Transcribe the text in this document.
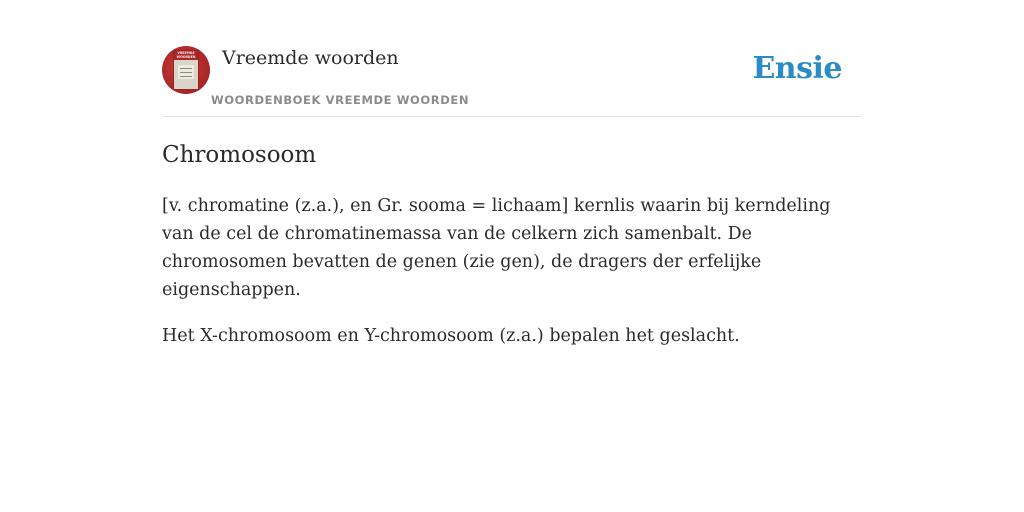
VREEMDE WOORDEN Vreemde woorden
WOORDENBOEK VREEMDE WOORDEN
Ensie
Chromosoom

[v. chromatine (z.a.), en Gr. sooma = lichaam] kernlis waarin bij kerndeling van de cel de chromatinemassa van de celkern zich samenbalt. De chromosomen bevatten de genen (zie gen), de dragers der erfelijke eigenschappen.

Het X-chromosoom en Y-chromosoom (z.a.) bepalen het geslacht.
